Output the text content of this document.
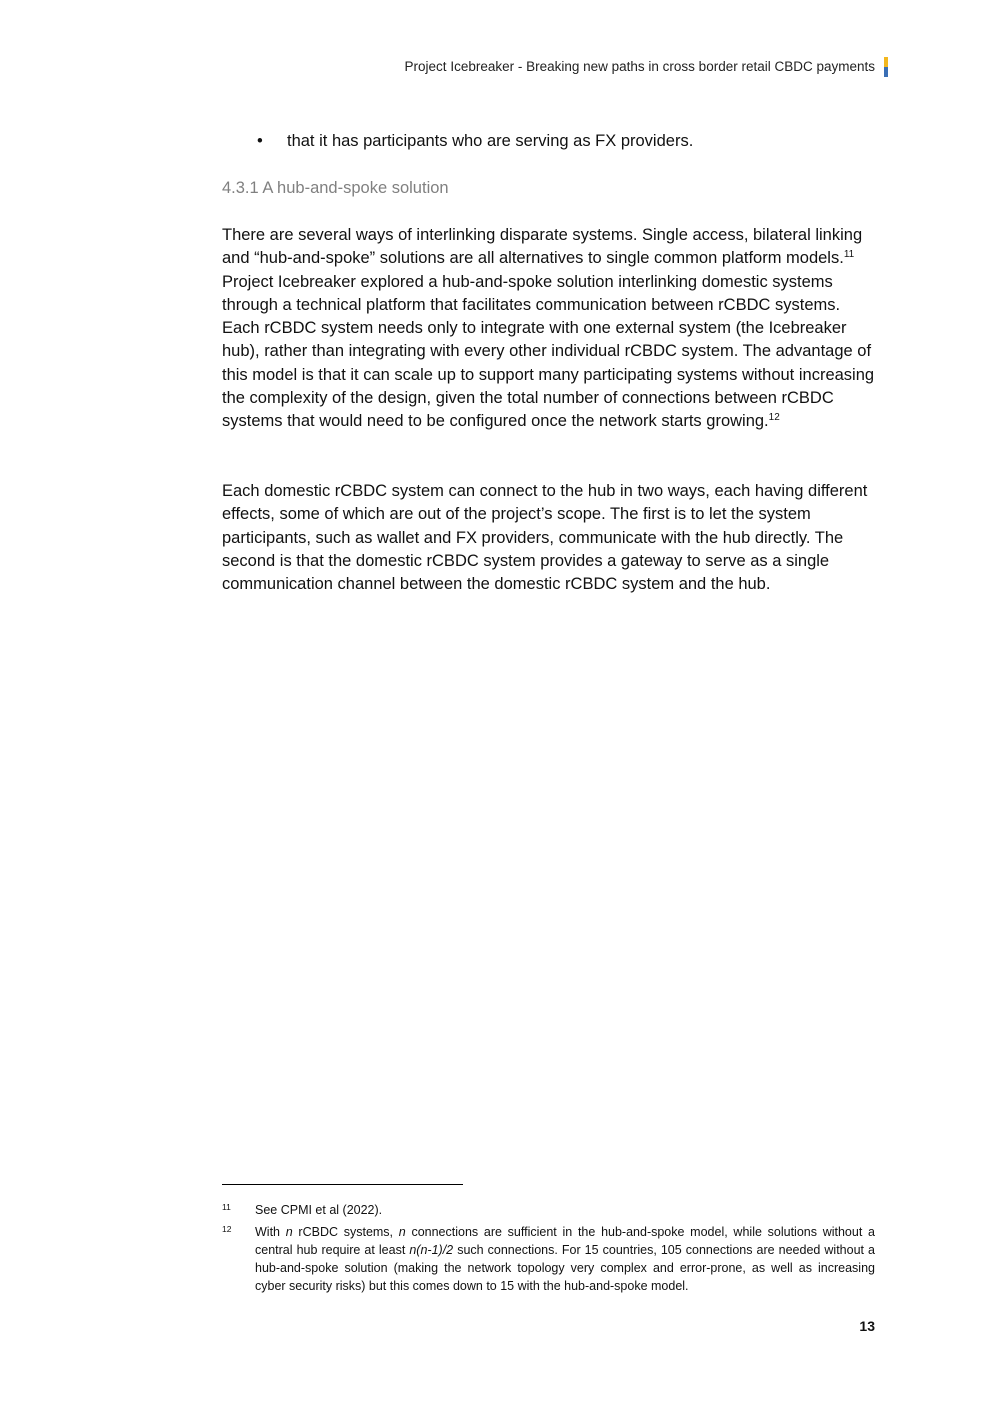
Project Icebreaker - Breaking new paths in cross border retail CBDC payments
• that it has participants who are serving as FX providers.
4.3.1 A hub-and-spoke solution

There are several ways of interlinking disparate systems. Single access, bilateral linking and “hub-and-spoke” solutions are all alternatives to single common platform models.$^{11}$ Project Icebreaker explored a hub-and-spoke solution interlinking domestic systems through a technical platform that facilitates communication between rCBDC systems. Each rCBDC system needs only to integrate with one external system (the Icebreaker hub), rather than integrating with every other individual rCBDC system. The advantage of this model is that it can scale up to support many participating systems without increasing the complexity of the design, given the total number of connections between rCBDC systems that would need to be configured once the network starts growing.$^{12}$

Each domestic rCBDC system can connect to the hub in two ways, each having different effects, some of which are out of the project’s scope. The first is to let the system participants, such as wallet and FX providers, communicate with the hub directly. The second is that the domestic rCBDC system provides a gateway to serve as a single communication channel between the domestic rCBDC system and the hub.

11 See CPMI et al (2022).
12 With n rCBDC systems, n connections are sufficient in the hub-and-spoke model, while solutions without a central hub require at least n(n-1)/2 such connections. For 15 countries, 105 connections are needed without a hub-and-spoke solution (making the network topology very complex and error-prone, as well as increasing cyber security risks) but this comes down to 15 with the hub-and-spoke model.
13
